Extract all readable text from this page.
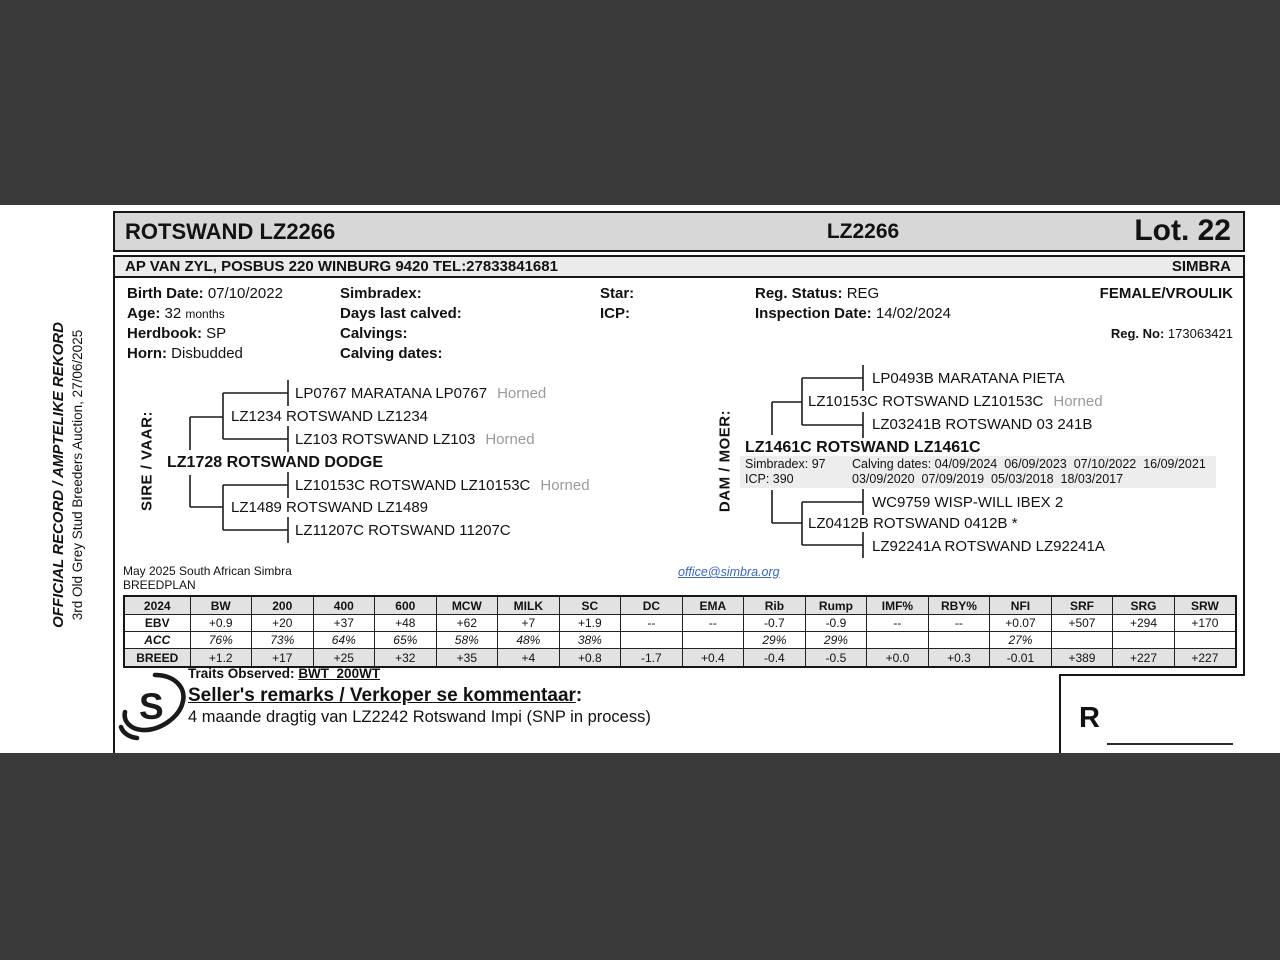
OFFICIAL RECORD / AMPTELIKE REKORD 3rd Old Grey Stud Breeders Auction, 27/06/2025
ROTSWAND LZ2266	LZ2266	Lot. 22
AP VAN ZYL, POSBUS 220 WINBURG 9420 TEL:27833841681	SIMBRA
Birth Date: 07/10/2022
Age: 32 months
Herdbook: SP
Horn: Disbudded
Simbradex:
Days last calved:
Calvings:
Calving dates:
Star:
ICP:
Reg. Status: REG
Inspection Date: 14/02/2024
FEMALE/VROULIK
Reg. No: 173063421
SIRE / VAAR:	DAM / MOER:
LP0767 MARATANA LP0767 Horned
LZ1234 ROTSWAND LZ1234
LZ103 ROTSWAND LZ103 Horned
LZ1728 ROTSWAND DODGE
LZ10153C ROTSWAND LZ10153C Horned
LZ1489 ROTSWAND LZ1489
LZ11207C ROTSWAND 11207C
LP0493B MARATANA PIETA
LZ10153C ROTSWAND LZ10153C Horned
LZ03241B ROTSWAND 03 241B
LZ1461C ROTSWAND LZ1461C
Simbradex: 97 Calving dates: 04/09/2024  06/09/2023  07/10/2022  16/09/2021
ICP: 390	03/09/2020  07/09/2019  05/03/2018  18/03/2017
WC9759 WISP-WILL IBEX 2
LZ0412B ROTSWAND 0412B *
LZ92241A ROTSWAND LZ92241A
May 2025 South African Simbra
BREEDPLAN
office@simbra.org
2024	BW	200	400	600	MCW	MILK	SC	DC	EMA	Rib	Rump	IMF%	RBY%	NFI	SRF	SRG	SRW
EBV	+0.9	+20	+37	+48	+62	+7	+1.9	--	--	-0.7	-0.9	--	--	+0.07	+507	+294	+170
ACC	76%	73%	64%	65%	58%	48%	38%			29%	29%			27%			
BREED	+1.2	+17	+25	+32	+35	+4	+0.8	-1.7	+0.4	-0.4	-0.5	+0.0	+0.3	-0.01	+389	+227	+227
S
Traits Observed: BWT  200WT
Seller's remarks / Verkoper se kommentaar:
4 maande dragtig van LZ2242 Rotswand Impi (SNP in process)	R
